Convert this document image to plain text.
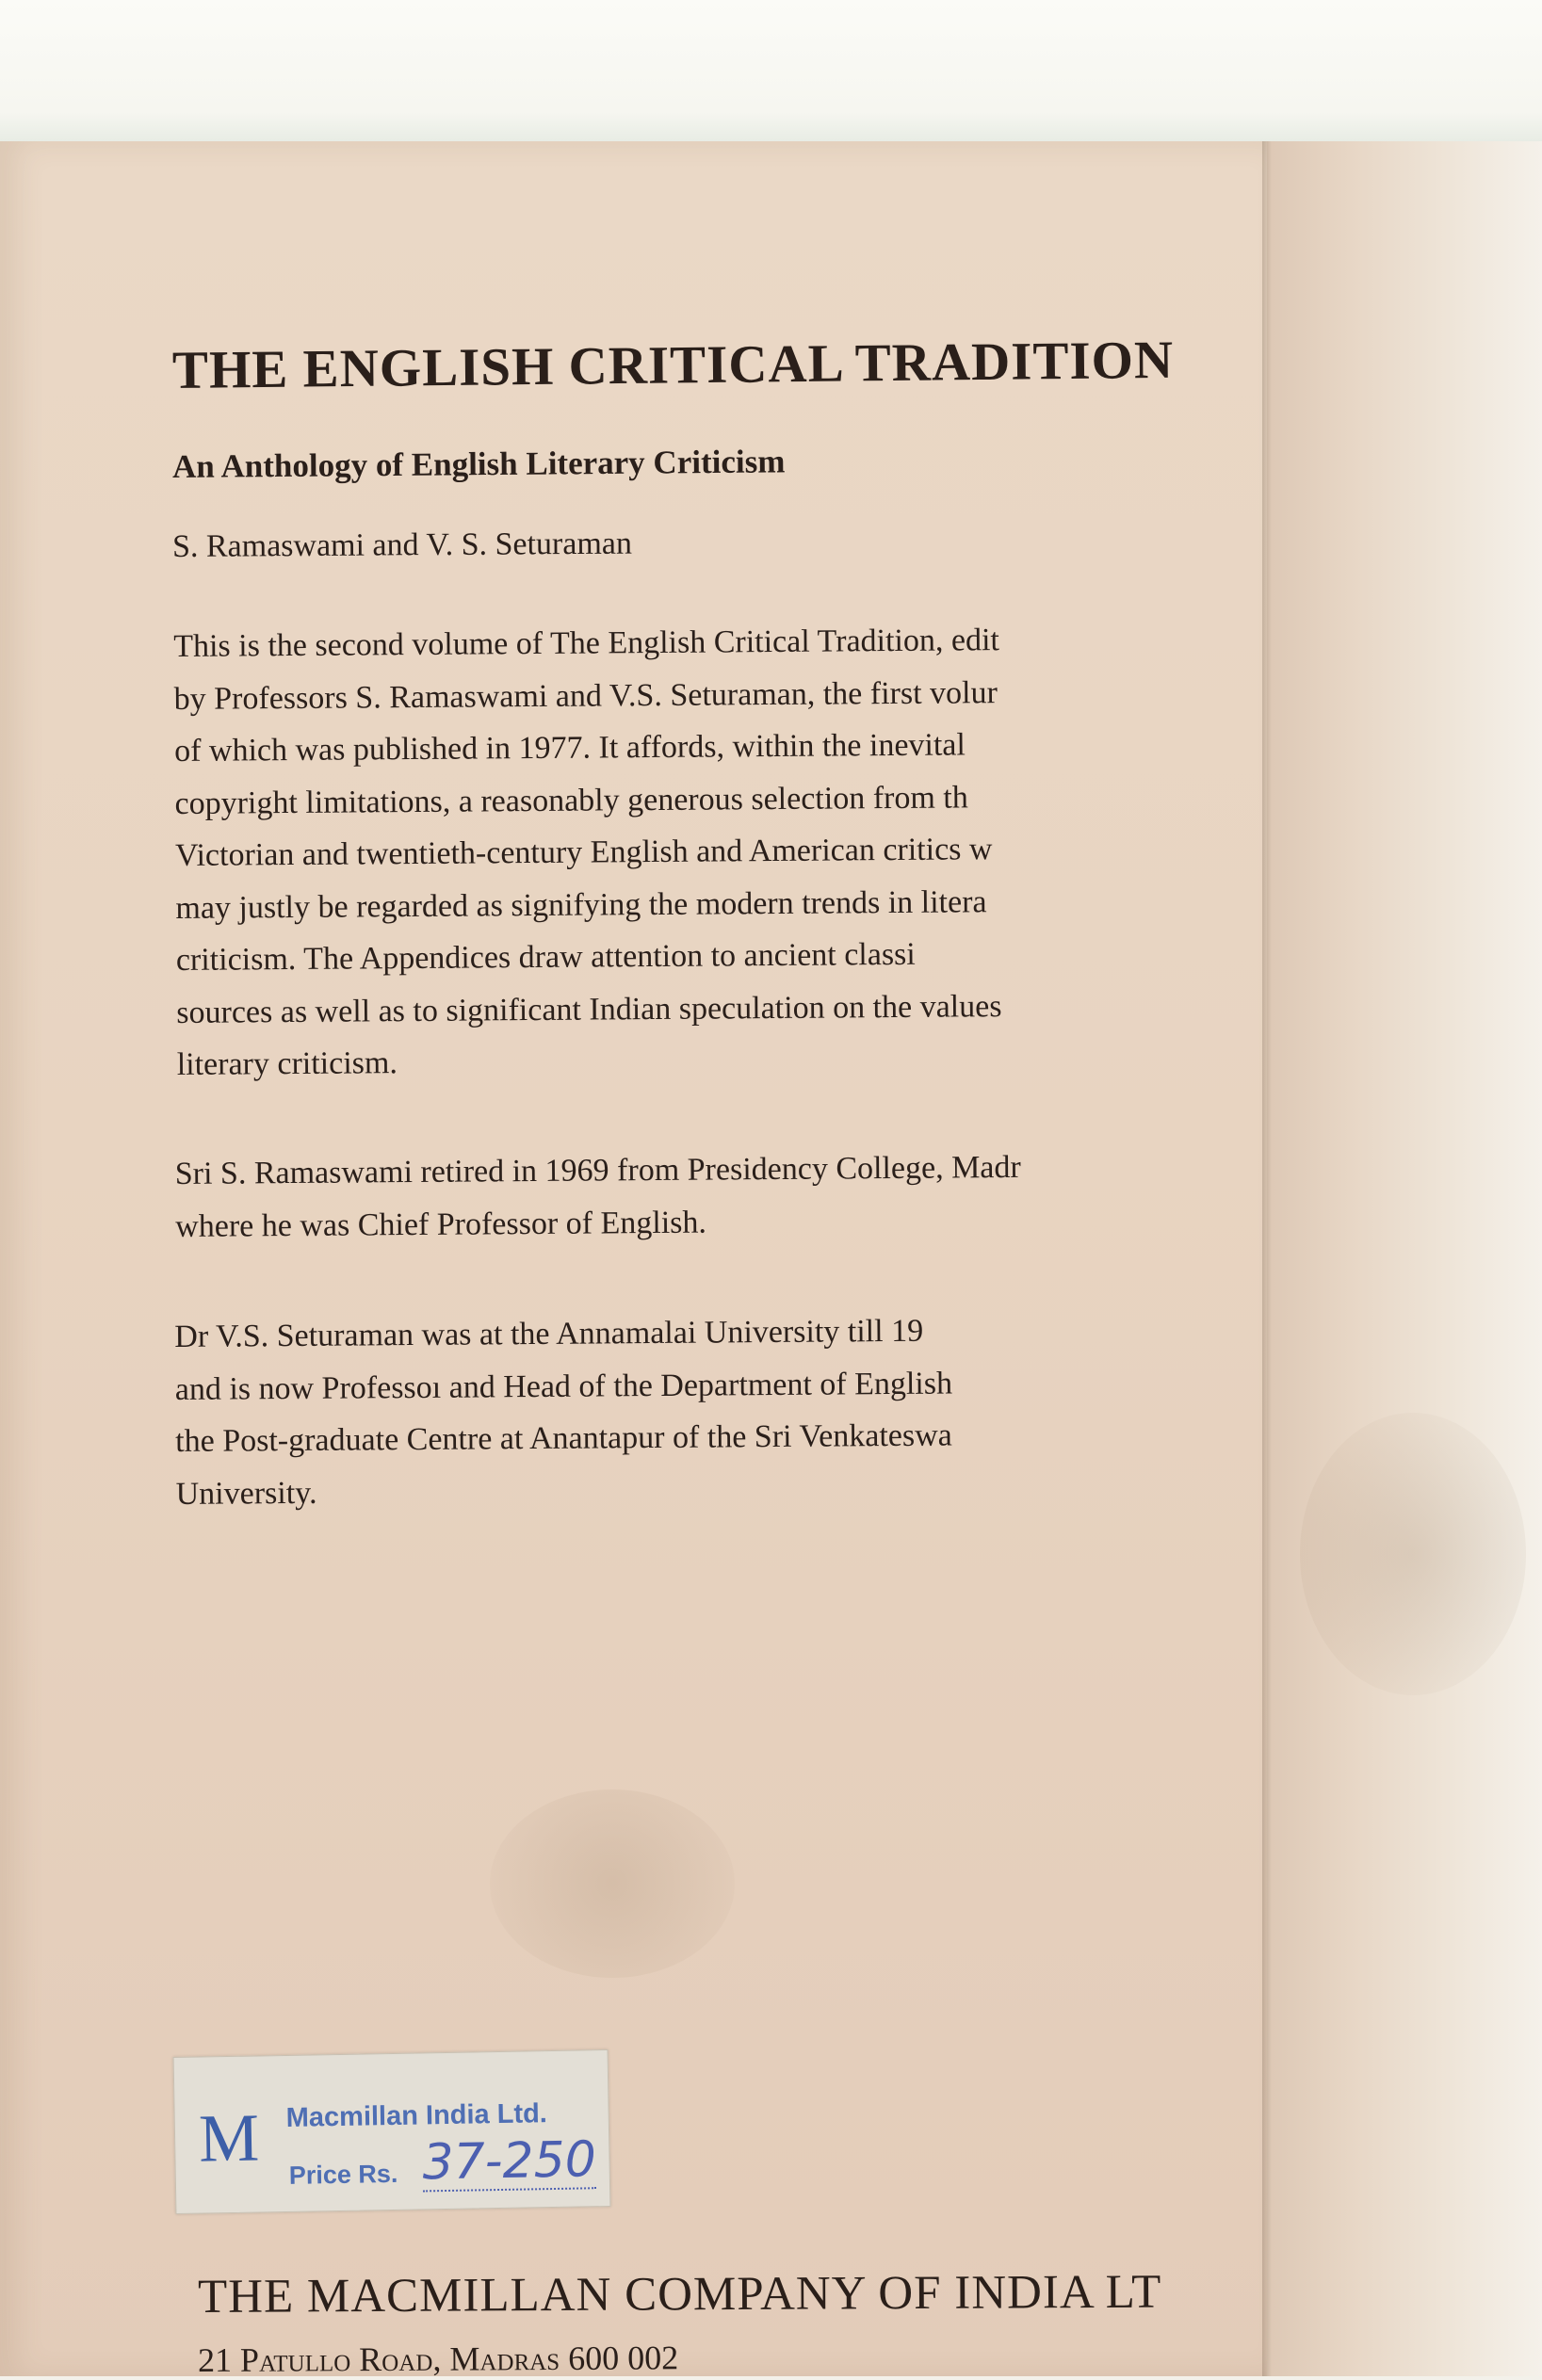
THE ENGLISH CRITICAL TRADITION
An Anthology of English Literary Criticism
S. Ramaswami and V. S. Seturaman
This is the second volume of The English Critical Tradition, edit
by Professors S. Ramaswami and V.S. Seturaman, the first volur
of which was published in 1977. It affords, within the inevital
copyright limitations, a reasonably generous selection from th
Victorian and twentieth-century English and American critics w
may justly be regarded as signifying the modern trends in litera
criticism. The Appendices draw attention to ancient classi
sources as well as to significant Indian speculation on the values
literary criticism.
Sri S. Ramaswami retired in 1969 from Presidency College, Madr
where he was Chief Professor of English.
Dr V.S. Seturaman was at the Annamalai University till 19
and is now Professoı and Head of the Department of English
the Post-graduate Centre at Anantapur of the Sri Venkateswa
University.
M Macmillan India Ltd.
Price Rs. 37-250
THE MACMILLAN COMPANY OF INDIA LT
21 Patullo Road, Madras 600 002
